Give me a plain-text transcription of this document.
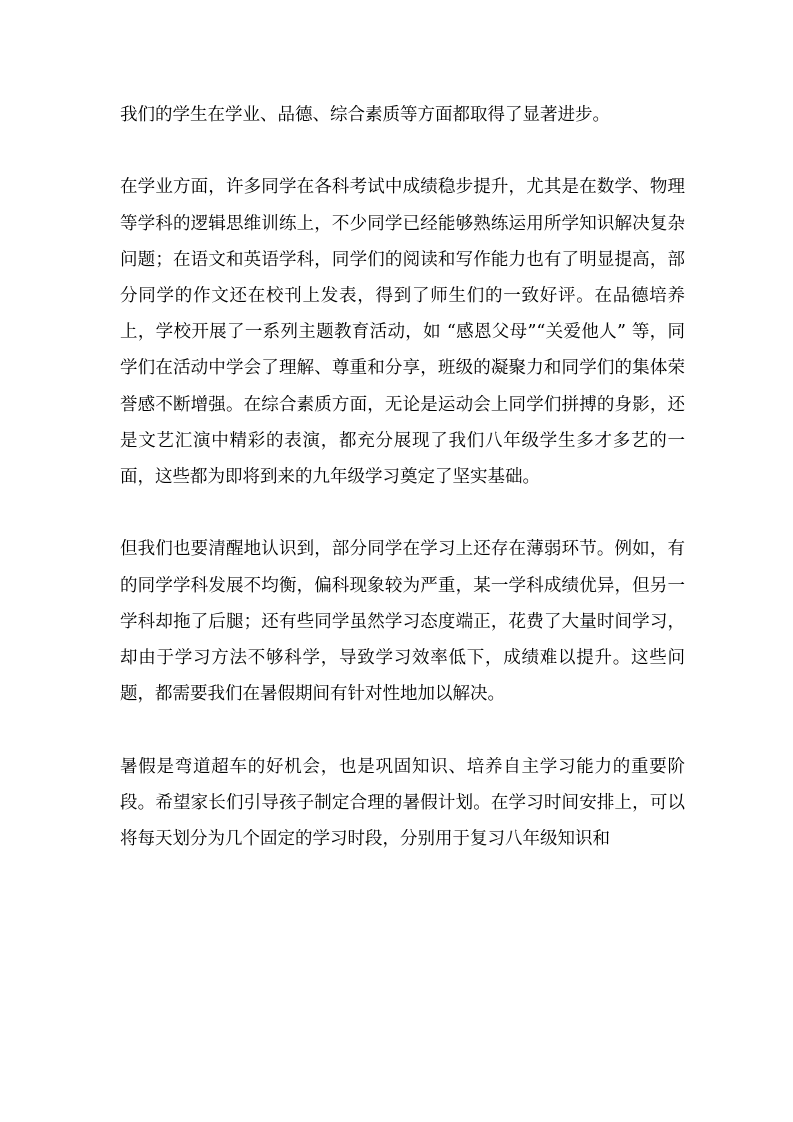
我们的学生在学业、品德、综合素质等方面都取得了显著进步。

在学业方面，许多同学在各科考试中成绩稳步提升，尤其是在数学、物理等学科的逻辑思维训练上，不少同学已经能够熟练运用所学知识解决复杂问题；在语文和英语学科，同学们的阅读和写作能力也有了明显提高，部分同学的作文还在校刊上发表，得到了师生们的一致好评。在品德培养上，学校开展了一系列主题教育活动，如 “感恩父母”“关爱他人” 等，同学们在活动中学会了理解、尊重和分享，班级的凝聚力和同学们的集体荣誉感不断增强。在综合素质方面，无论是运动会上同学们拼搏的身影，还是文艺汇演中精彩的表演，都充分展现了我们八年级学生多才多艺的一面，这些都为即将到来的九年级学习奠定了坚实基础。

但我们也要清醒地认识到，部分同学在学习上还存在薄弱环节。例如，有的同学学科发展不均衡，偏科现象较为严重，某一学科成绩优异，但另一学科却拖了后腿；还有些同学虽然学习态度端正，花费了大量时间学习，却由于学习方法不够科学，导致学习效率低下，成绩难以提升。这些问题，都需要我们在暑假期间有针对性地加以解决。

暑假是弯道超车的好机会，也是巩固知识、培养自主学习能力的重要阶段。希望家长们引导孩子制定合理的暑假计划。在学习时间安排上，可以将每天划分为几个固定的学习时段，分别用于复习八年级知识和
